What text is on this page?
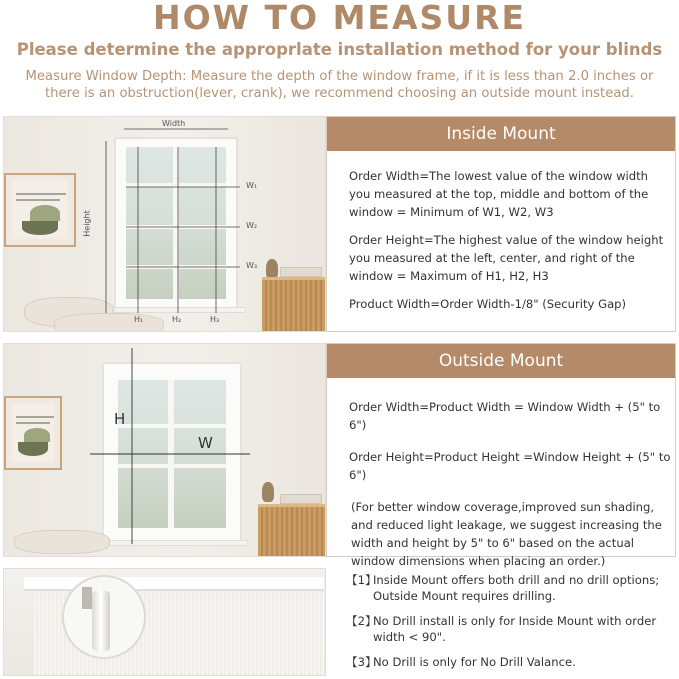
HOW TO MEASURE
Please determine the approprlate installation method for your blinds
Measure Window Depth: Measure the depth of the window frame, if it is less than 2.0 inches or there is an obstruction(lever, crank), we recommend choosing an outside mount instead.
Width
Height
W₁
W₂
W₃
H₁	H₂	H₃
Inside Mount

Order Width=The lowest value of the window width you measured at the top, middle and bottom of the window = Minimum of W1, W2, W3

Order Height=The highest value of the window height you measured at the left, center, and right of the window = Maximum of H1, H2, H3

Product Width=Order Width-1/8" (Security Gap)

H
W
Outside Mount

Order Width=Product Width = Window Width + (5" to 6")

Order Height=Product Height =Window Height + (5" to 6")

(For better window coverage,improved sun shading, and reduced light leakage, we suggest increasing the width and height by 5" to 6" based on the actual window dimensions when placing an order.)

【1】
Inside Mount offers both drill and no drill options; Outside Mount requires drilling.
【2】
No Drill install is only for Inside Mount with order width < 90".
【3】
No Drill is only for No Drill Valance.
